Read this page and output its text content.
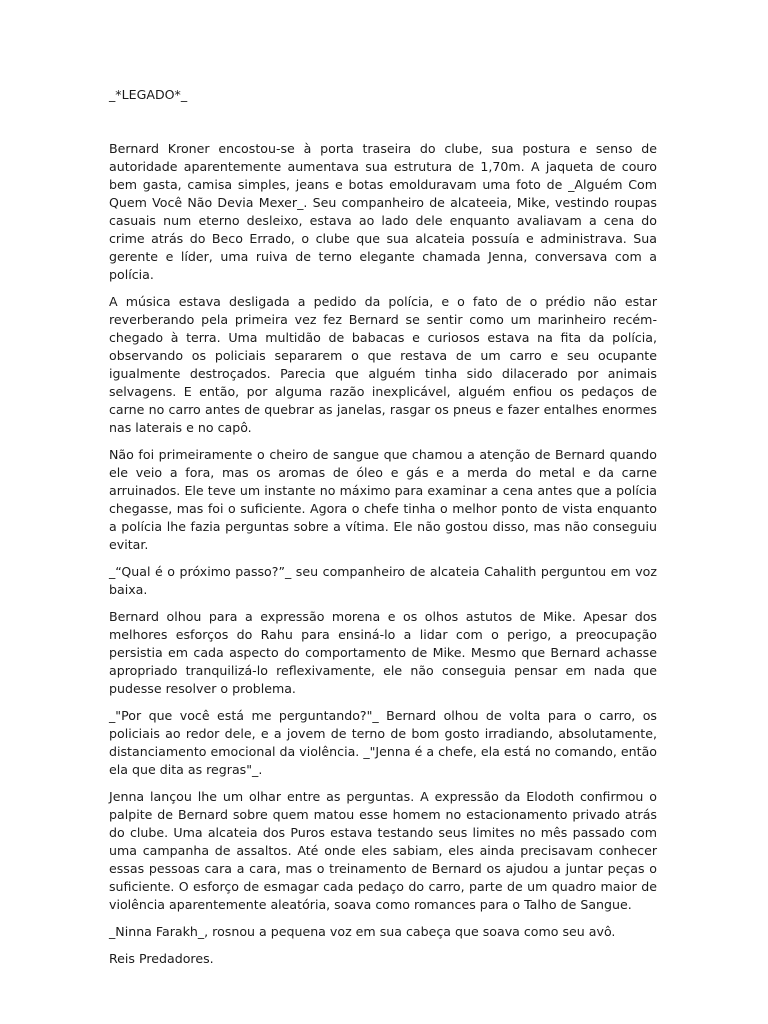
_*LEGADO*_

Bernard Kroner encostou-se à porta traseira do clube, sua postura e senso de autoridade aparentemente aumentava sua estrutura de 1,70m. A jaqueta de couro bem gasta, camisa simples, jeans e botas emolduravam uma foto de _Alguém Com Quem Você Não Devia Mexer_. Seu companheiro de alcateeia, Mike, vestindo roupas casuais num eterno desleixo, estava ao lado dele enquanto avaliavam a cena do crime atrás do Beco Errado, o clube que sua alcateia possuía e administrava. Sua gerente e líder, uma ruiva de terno elegante chamada Jenna, conversava com a polícia.

A música estava desligada a pedido da polícia, e o fato de o prédio não estar reverberando pela primeira vez fez Bernard se sentir como um marinheiro recém-chegado à terra. Uma multidão de babacas e curiosos estava na fita da polícia, observando os policiais separarem o que restava de um carro e seu ocupante igualmente destroçados. Parecia que alguém tinha sido dilacerado por animais selvagens. E então, por alguma razão inexplicável, alguém enfiou os pedaços de carne no carro antes de quebrar as janelas, rasgar os pneus e fazer entalhes enormes nas laterais e no capô.

Não foi primeiramente o cheiro de sangue que chamou a atenção de Bernard quando ele veio a fora, mas os aromas de óleo e gás e a merda do metal e da carne arruinados. Ele teve um instante no máximo para examinar a cena antes que a polícia chegasse, mas foi o suficiente. Agora o chefe tinha o melhor ponto de vista enquanto a polícia lhe fazia perguntas sobre a vítima. Ele não gostou disso, mas não conseguiu evitar.

_“Qual é o próximo passo?”_ seu companheiro de alcateia Cahalith perguntou em voz baixa.

Bernard olhou para a expressão morena e os olhos astutos de Mike. Apesar dos melhores esforços do Rahu para ensiná-lo a lidar com o perigo, a preocupação persistia em cada aspecto do comportamento de Mike. Mesmo que Bernard achasse apropriado tranquilizá-lo reflexivamente, ele não conseguia pensar em nada que pudesse resolver o problema.

_"Por que você está me perguntando?"_ Bernard olhou de volta para o carro, os policiais ao redor dele, e a jovem de terno de bom gosto irradiando, absolutamente, distanciamento emocional da violência. _"Jenna é a chefe, ela está no comando, então ela que dita as regras"_.

Jenna lançou lhe um olhar entre as perguntas. A expressão da Elodoth confirmou o palpite de Bernard sobre quem matou esse homem no estacionamento privado atrás do clube. Uma alcateia dos Puros estava testando seus limites no mês passado com uma campanha de assaltos. Até onde eles sabiam, eles ainda precisavam conhecer essas pessoas cara a cara, mas o treinamento de Bernard os ajudou a juntar peças o suficiente. O esforço de esmagar cada pedaço do carro, parte de um quadro maior de violência aparentemente aleatória, soava como romances para o Talho de Sangue.

_Ninna Farakh_, rosnou a pequena voz em sua cabeça que soava como seu avô.

Reis Predadores.
